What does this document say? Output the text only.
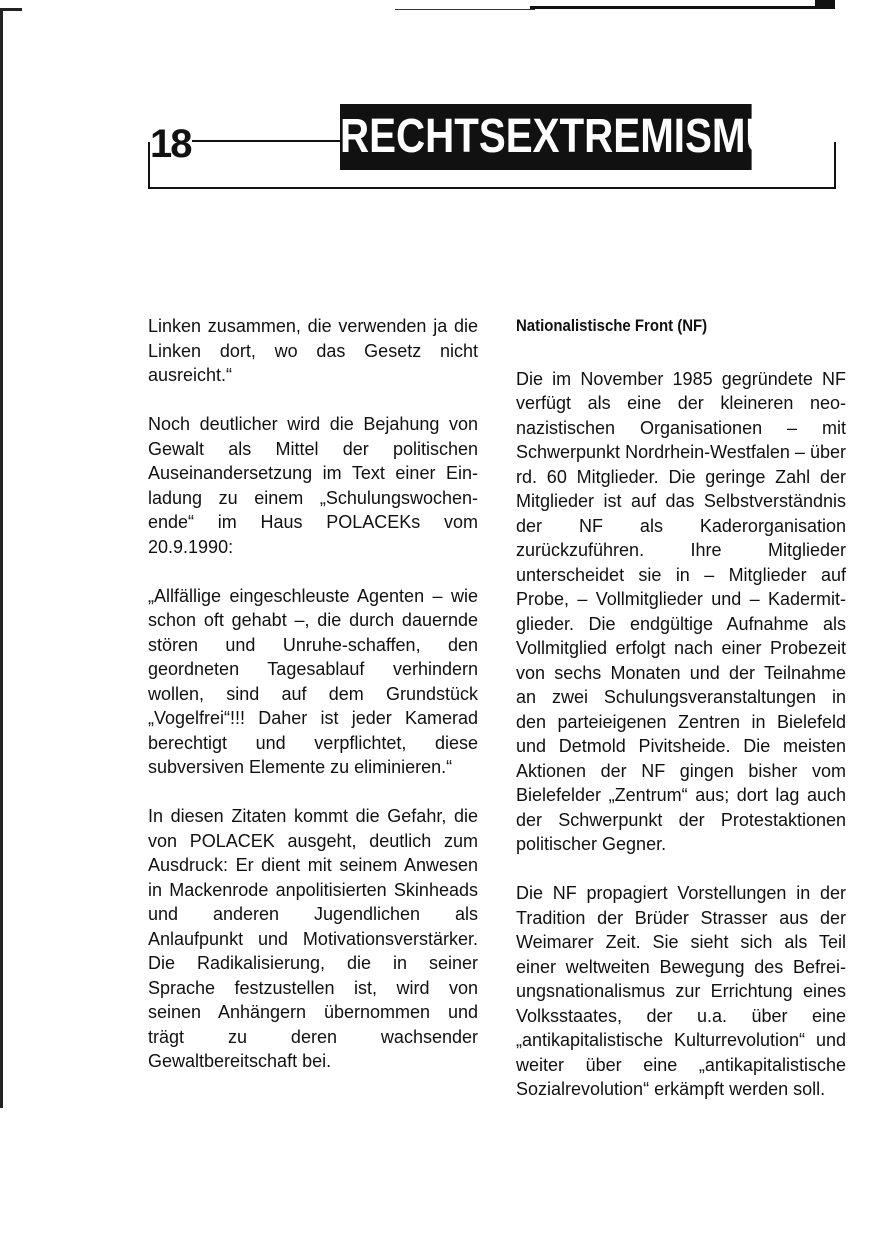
18	RECHTSEXTREMISMUS

Linken zusammen, die verwenden ja die Linken dort, wo das Gesetz nicht ausreicht.“

Noch deutlicher wird die Bejahung von Gewalt als Mittel der politischen Auseinandersetzung im Text einer Einladung zu einem „Schulungswochenende“ im Haus POLACEKs vom 20.9.1990:

„Allfällige eingeschleuste Agenten – wie schon oft gehabt –, die durch dauernde stören und Unruhe-schaffen, den geordneten Tagesablauf verhindern wollen, sind auf dem Grundstück „Vogelfrei“!!! Daher ist jeder Kamerad berechtigt und verpflichtet, diese subversiven Elemente zu eliminieren.“

In diesen Zitaten kommt die Gefahr, die von POLACEK ausgeht, deutlich zum Ausdruck: Er dient mit seinem Anwesen in Mackenrode anpolitisierten Skinheads und anderen Jugendlichen als Anlaufpunkt und Motivationsverstärker. Die Radikalisierung, die in seiner Sprache festzustellen ist, wird von seinen Anhängern übernommen und trägt zu deren wachsender Gewaltbereitschaft bei.

Nationalistische Front (NF)

Die im November 1985 gegründete NF verfügt als eine der kleineren neonazistischen Organisationen – mit Schwerpunkt Nordrhein-Westfalen – über rd. 60 Mitglieder. Die geringe Zahl der Mitglieder ist auf das Selbstverständnis der NF als Kaderorganisation zurückzuführen. Ihre Mitglieder unterscheidet sie in – Mitglieder auf Probe, – Vollmitglieder und – Kadermitglieder. Die endgültige Aufnahme als Vollmitglied erfolgt nach einer Probezeit von sechs Monaten und der Teilnahme an zwei Schulungsveranstaltungen in den parteieigenen Zentren in Bielefeld und Detmold Pivitsheide. Die meisten Aktionen der NF gingen bisher vom Bielefelder „Zentrum“ aus; dort lag auch der Schwerpunkt der Protestaktionen politischer Gegner.

Die NF propagiert Vorstellungen in der Tradition der Brüder Strasser aus der Weimarer Zeit. Sie sieht sich als Teil einer weltweiten Bewegung des Befreiungsnationalismus zur Errichtung eines Volksstaates, der u.a. über eine „antikapitalistische Kulturrevolution“ und weiter über eine „antikapitalistische Sozialrevolution“ erkämpft werden soll.
